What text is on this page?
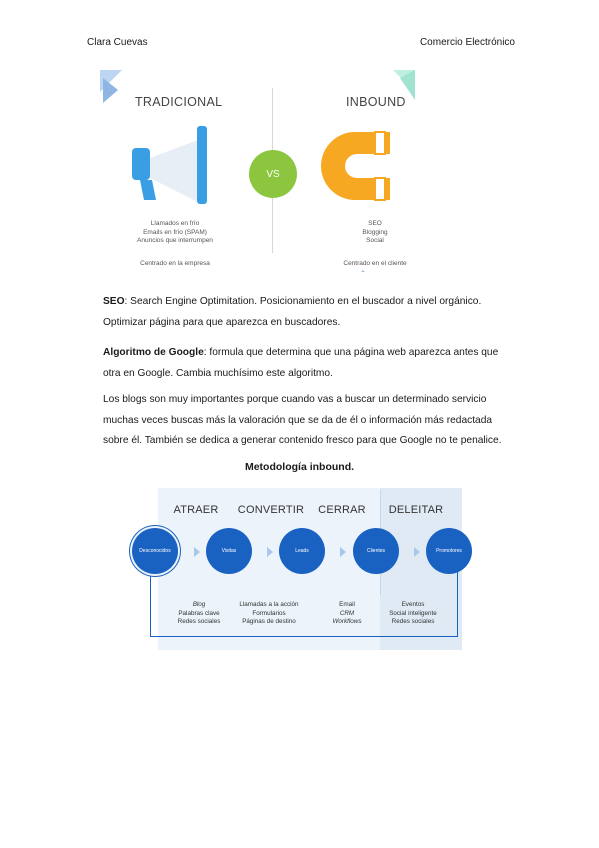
Clara Cuevas	Comercio Electrónico
TRADICIONAL	INBOUND
VS
Llamados en frío
Emails en frío (SPAM)
Anuncios que interrumpen
SEO
Blogging
Social
Centrado en la empresa	Centrado en el cliente

SEO: Search Engine Optimitation. Posicionamiento en el buscador a nivel orgánico. Optimizar página para que aparezca en buscadores.

Algoritmo de Google: formula que determina que una página web aparezca antes que otra en Google. Cambia muchísimo este algoritmo.

Los blogs son muy importantes porque cuando vas a buscar un determinado servicio muchas veces buscas más la valoración que se da de él o información más redactada sobre él. También se dedica a generar contenido fresco para que Google no te penalice.

Metodología inbound.
ATRAER	CONVERTIR	CERRAR	DELEITAR
Desconocidos	Visitas	Leads	Clientes	Promotores
Blog
Palabras clave
Redes sociales
Llamadas a la acción
Formularios
Páginas de destino
Email
CRM
Workflows
Eventos
Social inteligente
Redes sociales
